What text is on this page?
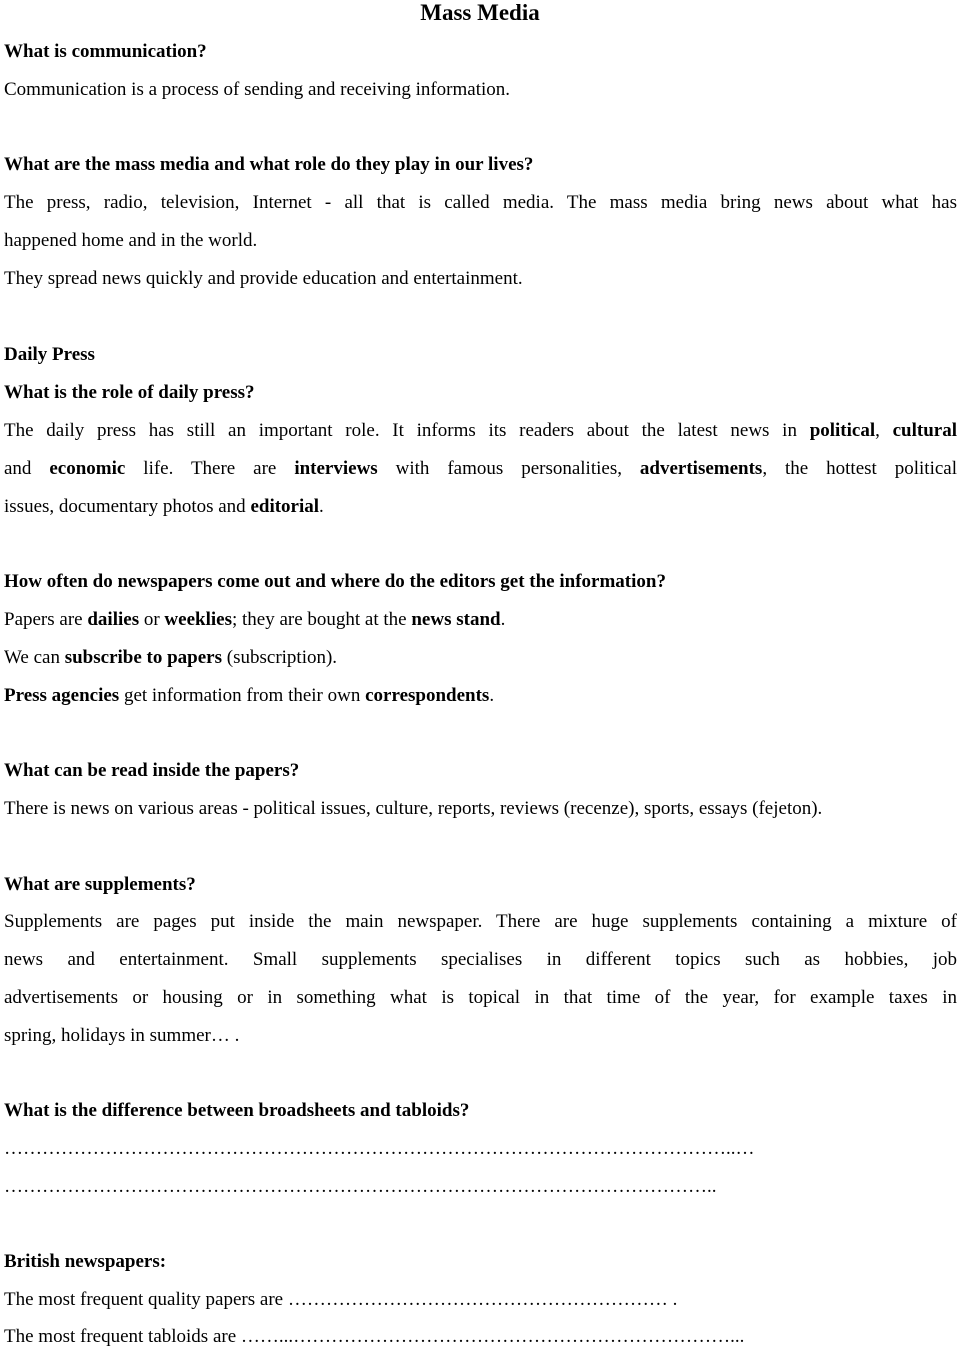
Mass Media
What is communication?
Communication is a process of sending and receiving information.
What are the mass media and what role do they play in our lives?
The press, radio, television, Internet - all that is called media. The mass media bring news about what has
happened home and in the world.
They spread news quickly and provide education and entertainment.
Daily Press
What is the role of daily press?
The daily press has still an important role. It informs its readers about the latest news in political, cultural
and economic life. There are interviews with famous personalities, advertisements, the hottest political
issues, documentary photos and editorial.
How often do newspapers come out and where do the editors get the information?
Papers are dailies or weeklies; they are bought at the news stand.
We can subscribe to papers (subscription).
Press agencies get information from their own correspondents.
What can be read inside the papers?
There is news on various areas - political issues, culture, reports, reviews (recenze), sports, essays (fejeton).
What are supplements?
Supplements are pages put inside the main newspaper. There are huge supplements containing a mixture of
news and entertainment. Small supplements specialises in different topics such as hobbies, job
advertisements or housing or in something what is topical in that time of the year, for example taxes in
spring, holidays in summer… .
What is the difference between broadsheets and tabloids?
……………………………………………………………………………………………………..…
…………………………………………………………………………………………………..
British newspapers:
The most frequent quality papers are …………………………………………………… .
The most frequent tabloids are ……...……………………………………………………………...
